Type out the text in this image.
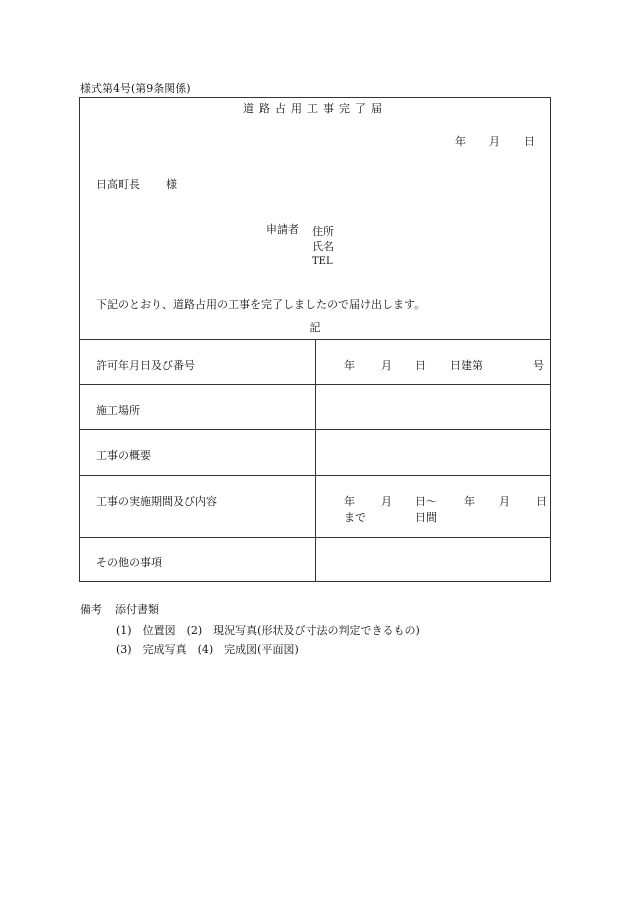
様式第4号(第9条関係)
道路占用工事完了届
年 月 日
日高町長 様
申請者 住所
氏名
TEL
下記のとおり、道路占用の工事を完了しましたので届け出します。
記
許可年月日及び番号	年 月 日 日建第	号
施工場所
工事の概要
工事の実施期間及び内容	年 月 日〜 年 月 日
まで	日間
その他の事項
備考 添付書類
(1)　位置図　(2)　現況写真(形状及び寸法の判定できるもの)
(3)　完成写真　(4)　完成図(平面図)
